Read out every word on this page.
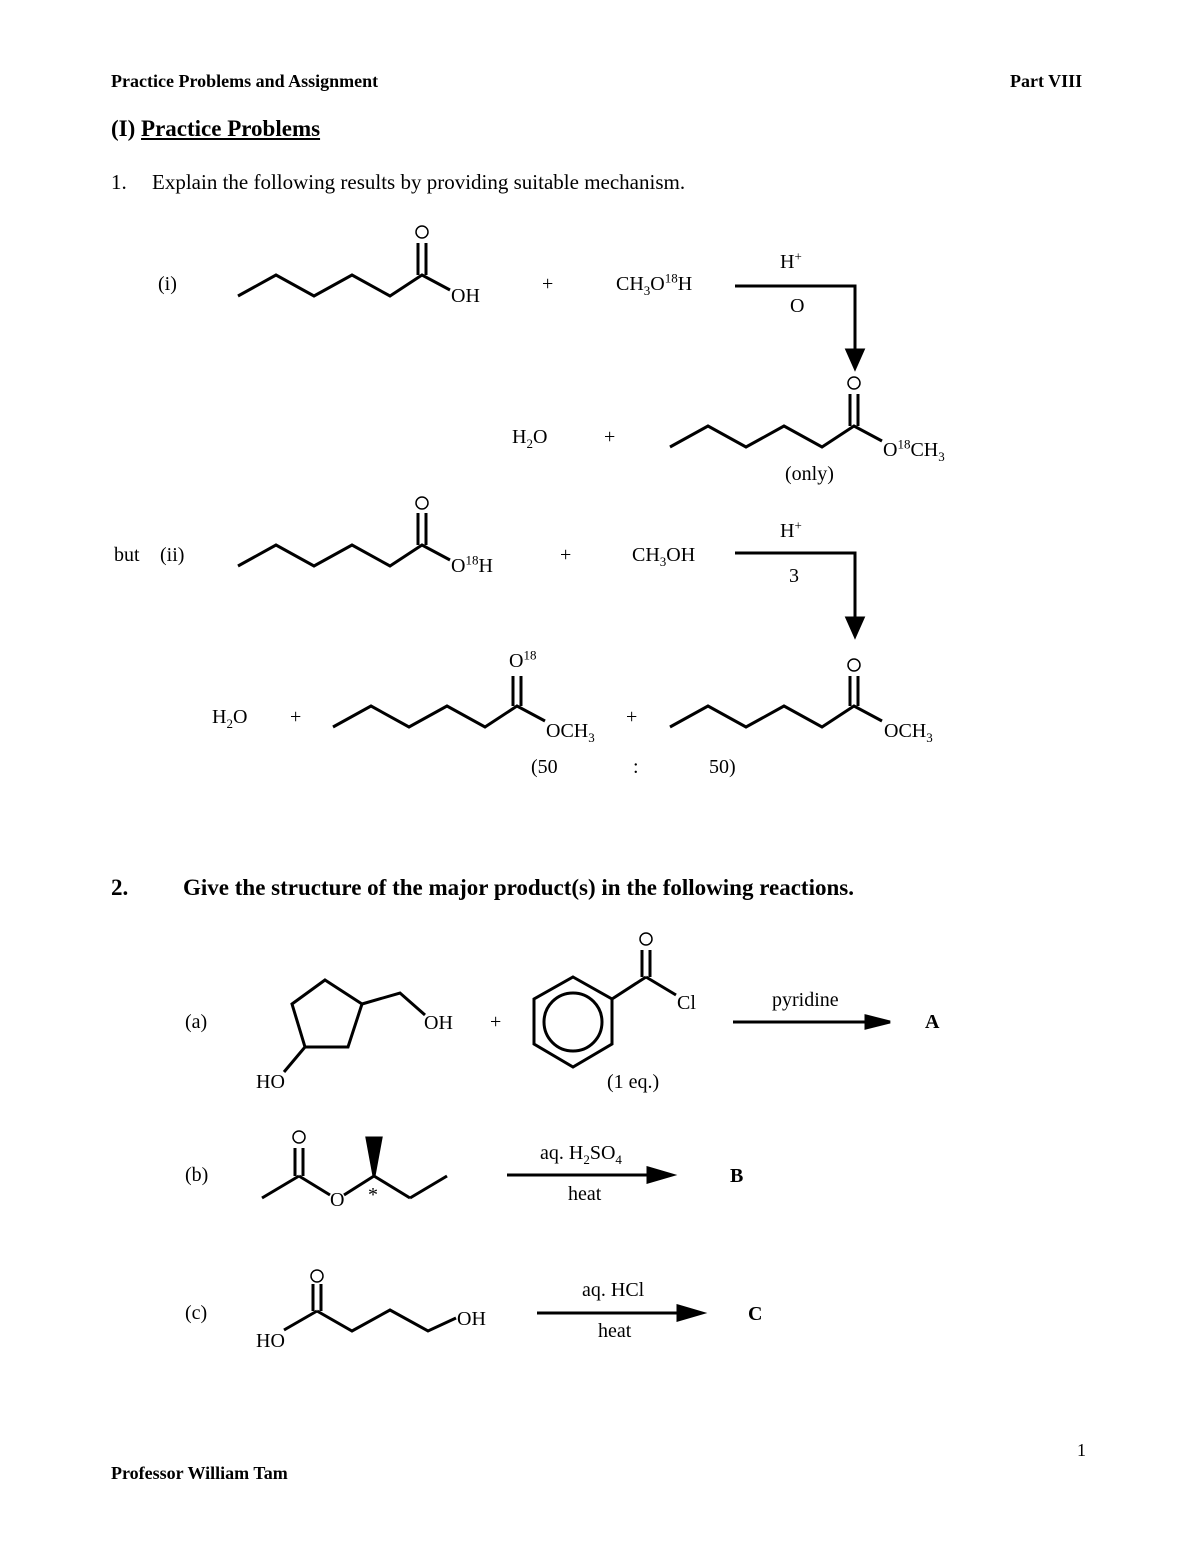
Practice Problems and Assignment	Part VIII
(I) Practice Problems
1. Explain the following results by providing suitable mechanism.
(i)
OH
+	$CH_3O^{18}H$
H+
O
$H_2O$	+
$O^{18}CH_3$
(only)
but (ii)	$O^{18}H$	+	$CH_3OH$
H+
3
$H_2O$ +
$O^{18}$
$OCH_3$
+
$OCH_3$
(50	:	50)
2. Give the structure of the major product(s) in the following reactions.
(a)	OH
HO
+
Cl
(1 eq.)
pyridine
A
(b)
O *
aq. $H_2SO_4$
heat
B
(c)
HO
OH
aq. HCl
heat
C
1
Professor William Tam
